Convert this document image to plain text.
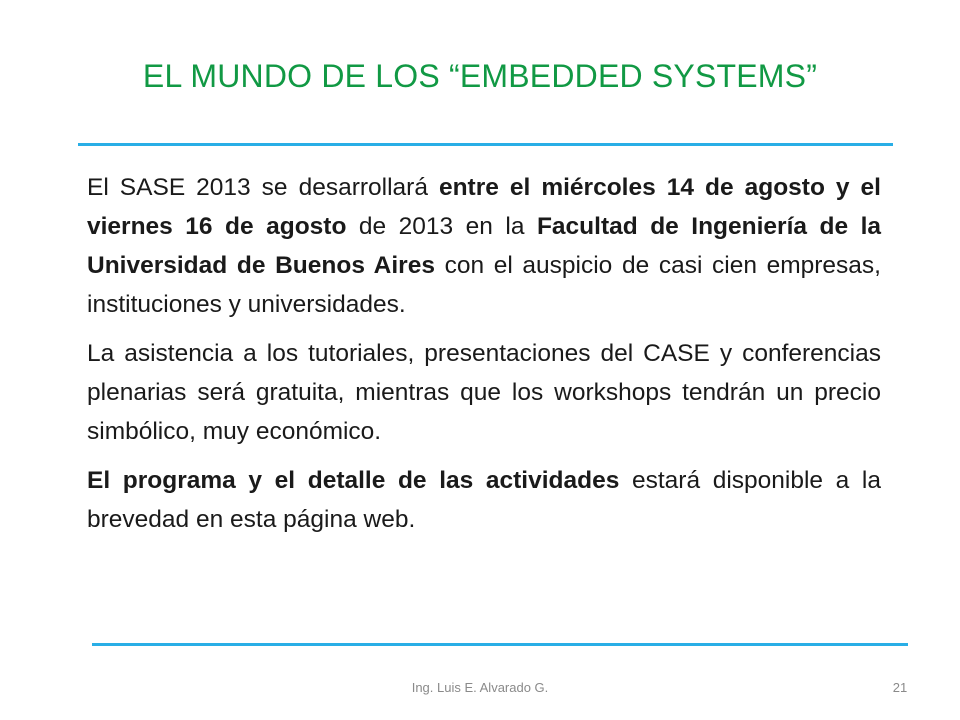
EL MUNDO DE LOS “EMBEDDED SYSTEMS”

El SASE 2013 se desarrollará entre el miércoles 14 de agosto y el viernes 16 de agosto de 2013 en la Facultad de Ingeniería de la Universidad de Buenos Aires con el auspicio de casi cien empresas, instituciones y universidades.

La asistencia a los tutoriales, presentaciones del CASE y conferencias plenarias será gratuita, mientras que los workshops tendrán un precio simbólico, muy económico.

El programa y el detalle de las actividades estará disponible a la brevedad en esta página web.

Ing. Luis E. Alvarado G.	21
